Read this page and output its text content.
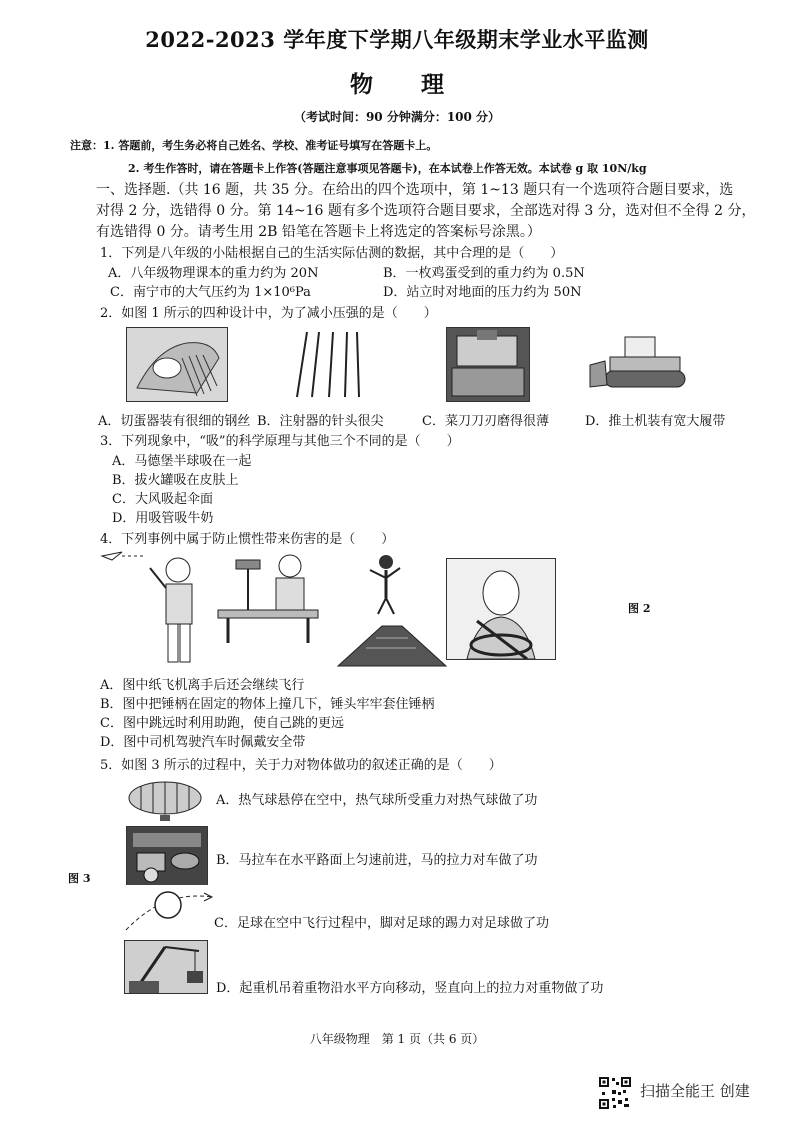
2022-2023 学年度下学期八年级期末学业水平监测
物理
（考试时间：90 分钟满分：100 分）
注意：1. 答题前，考生务必将自己姓名、学校、准考证号填写在答题卡上。
2. 考生作答时，请在答题卡上作答(答题注意事项见答题卡)，在本试卷上作答无效。本试卷 g 取 10N/kg
一、选择题.（共 16 题，共 35 分。在给出的四个选项中，第 1~13 题只有一个选项符合题目要求，选
对得 2 分，选错得 0 分。第 14~16 题有多个选项符合题目要求，全部选对得 3 分，选对但不全得 2 分，
有选错得 0 分。请考生用 2B 铅笔在答题卡上将选定的答案标号涂黑。）
1．下列是八年级的小陆根据自己的生活实际估测的数据，其中合理的是（　　）
A．八年级物理课本的重力约为 20N	B．一枚鸡蛋受到的重力约为 0.5N
C．南宁市的大气压约为 1×10⁶Pa	D．站立时对地面的压力约为 50N
2．如图 1 所示的四种设计中，为了减小压强的是（　　）
A．切蛋器装有很细的钢丝 B．注射器的针头很尖	C．菜刀刀刃磨得很薄	D．推土机装有宽大履带
3．下列现象中，“吸”的科学原理与其他三个不同的是（　　）
A．马德堡半球吸在一起
B．拔火罐吸在皮肤上
C．大风吸起伞面
D．用吸管吸牛奶
4．下列事例中属于防止惯性带来伤害的是（　　）
图 2
A．图中纸飞机离手后还会继续飞行
B．图中把锤柄在固定的物体上撞几下，锤头牢牢套住锤柄
C．图中跳远时利用助跑，使自己跳的更远
D．图中司机驾驶汽车时佩戴安全带
5．如图 3 所示的过程中，关于力对物体做功的叙述正确的是（　　）
图 3
A．热气球悬停在空中，热气球所受重力对热气球做了功
B．马拉车在水平路面上匀速前进，马的拉力对车做了功
C．足球在空中飞行过程中，脚对足球的踢力对足球做了功
D．起重机吊着重物沿水平方向移动，竖直向上的拉力对重物做了功
八年级物理　第 1 页（共 6 页）
扫描全能王 创建
